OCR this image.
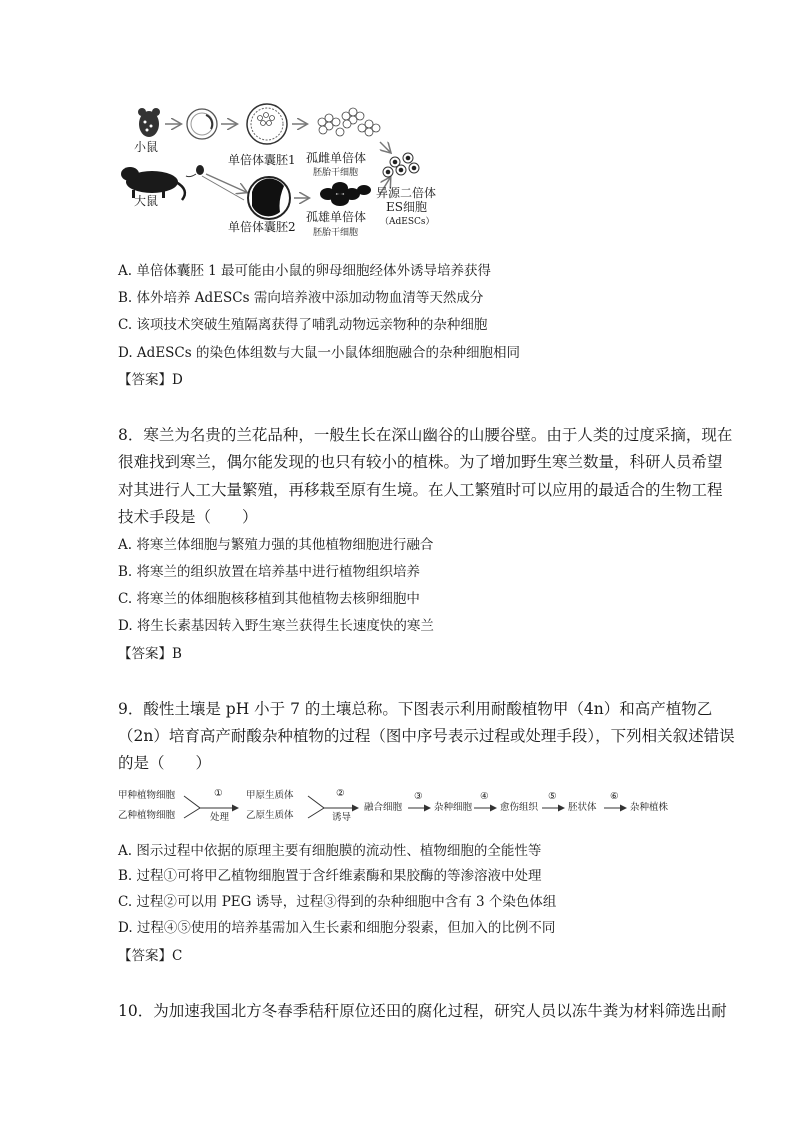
小鼠
大鼠
单倍体囊胚1
单倍体囊胚2
孤雌单倍体
胚胎干细胞
孤雄单倍体
胚胎干细胞
异源二倍体
ES细胞
（AdESCs）
A. 单倍体囊胚 1 最可能由小鼠的卵母细胞经体外诱导培养获得
B. 体外培养 AdESCs 需向培养液中添加动物血清等天然成分
C. 该项技术突破生殖隔离获得了哺乳动物远亲物种的杂种细胞
D. AdESCs 的染色体组数与大鼠一小鼠体细胞融合的杂种细胞相同
【答案】D
8．寒兰为名贵的兰花品种，一般生长在深山幽谷的山腰谷壁。由于人类的过度采摘，现在
很难找到寒兰，偶尔能发现的也只有较小的植株。为了增加野生寒兰数量，科研人员希望
对其进行人工大量繁殖，再移栽至原有生境。在人工繁殖时可以应用的最适合的生物工程
技术手段是（　　）
A. 将寒兰体细胞与繁殖力强的其他植物细胞进行融合
B. 将寒兰的组织放置在培养基中进行植物组织培养
C. 将寒兰的体细胞核移植到其他植物去核卵细胞中
D. 将生长素基因转入野生寒兰获得生长速度快的寒兰
【答案】B
9．酸性土壤是 pH 小于 7 的土壤总称。下图表示利用耐酸植物甲（4n）和高产植物乙
（2n）培育高产耐酸杂种植物的过程（图中序号表示过程或处理手段），下列相关叙述错误
的是（　　）
甲种植物细胞
乙种植物细胞
①
处理
甲原生质体
乙原生质体
②
诱导
融合细胞
③
杂种细胞
④
愈伤组织
⑤
胚状体
⑥
杂种植株
A. 图示过程中依据的原理主要有细胞膜的流动性、植物细胞的全能性等
B. 过程①可将甲乙植物细胞置于含纤维素酶和果胶酶的等渗溶液中处理
C. 过程②可以用 PEG 诱导，过程③得到的杂种细胞中含有 3 个染色体组
D. 过程④⑤使用的培养基需加入生长素和细胞分裂素，但加入的比例不同
【答案】C
10．为加速我国北方冬春季秸秆原位还田的腐化过程，研究人员以冻牛粪为材料筛选出耐
